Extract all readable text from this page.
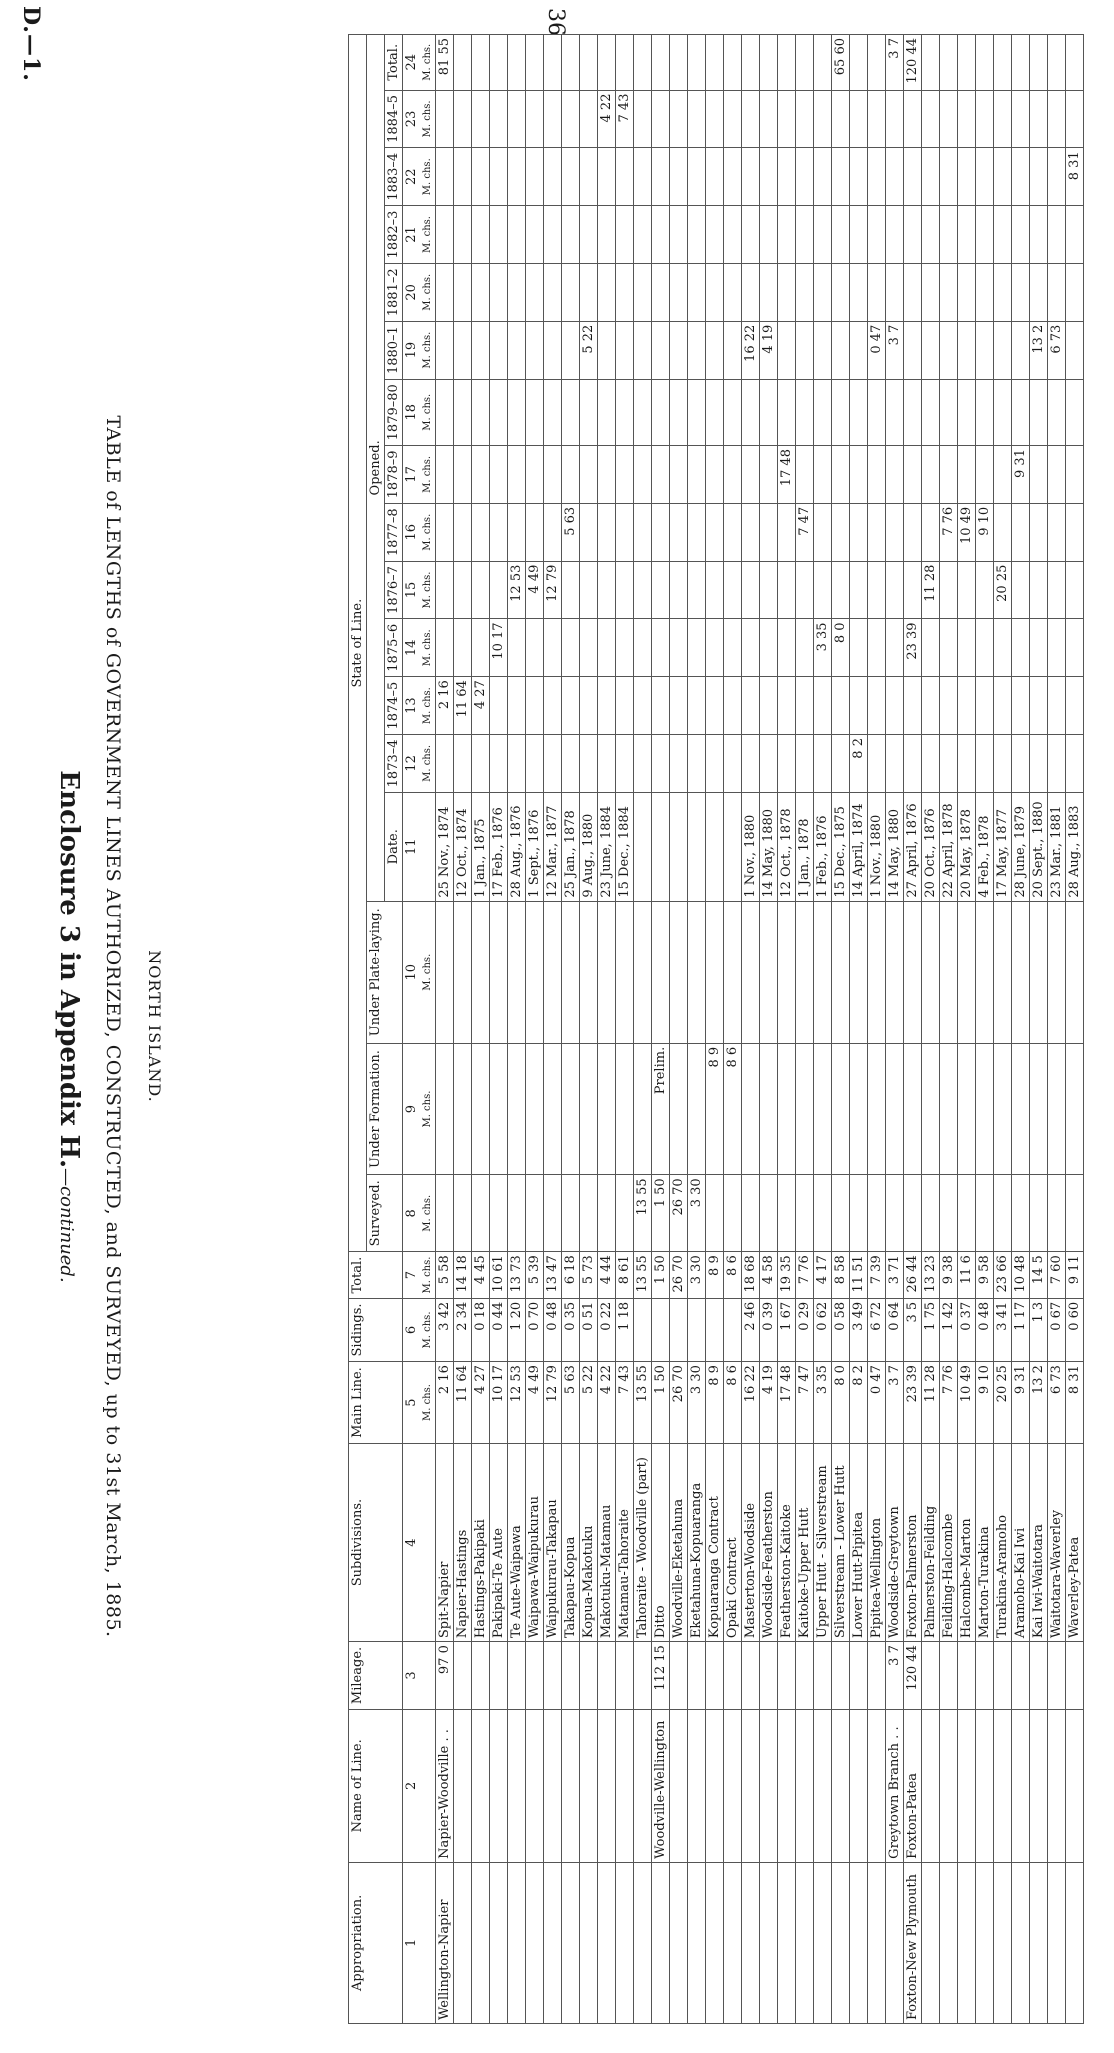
D.—1.	36
Enclosure 3 in Appendix H.—continued.	TABLE of LENGTHS of GOVERNMENT LINES AUTHORIZED, CONSTRUCTED, and SURVEYED, up to 31st March, 1885. NORTH ISLAND.
Appropriation.	Name of Line.	Mileage.	Subdivisions.	Main Line.	Sidings.	Total.	State of Line.																
							Surveyed.	Under Formation.	Under Plate-laying.	Opened.													
										Date.	1873–4	1874–5	1875–6	1876–7	1877–8	1878–9	1879–80	1880–1	1881–2	1882–3	1883–4	1884–5	Total.
1	2	3	4	5 M. chs.	6 M. chs.	7 M. chs.	8 M. chs.	9 M. chs.	10 M. chs.	11	12 M. chs.	13 M. chs.	14 M. chs.	15 M. chs.	16 M. chs.	17 M. chs.	18 M. chs.	19 M. chs.	20 M. chs.	21 M. chs.	22 M. chs.	23 M. chs.	24 M. chs.
Wellington-Napier	Napier-Woodville . .	97 0	Spit-Napier	2 16	3 42	5 58				25 Nov., 1874		2 16											81 55
			Napier-Hastings	11 64	2 34	14 18				12 Oct., 1874		11 64											
			Hastings-Pakipaki	4 27	0 18	4 45				1 Jan., 1875		4 27											
			Pakipaki-Te Aute	10 17	0 44	10 61				17 Feb., 1876			10 17										
			Te Aute-Waipawa	12 53	1 20	13 73				28 Aug., 1876				12 53									
			Waipawa-Waipukurau	4 49	0 70	5 39				1 Sept., 1876				4 49									
			Waipukurau-Takapau	12 79	0 48	13 47				12 Mar., 1877				12 79									
			Takapau-Kopua	5 63	0 35	6 18				25 Jan., 1878					5 63								
			Kopua-Makotuku	5 22	0 51	5 73				9 Aug., 1880								5 22					
			Makotuku-Matamau	4 22	0 22	4 44				23 June, 1884												4 22	
			Matamau-Tahoraite	7 43	1 18	8 61				15 Dec., 1884												7 43	
			Tahoraite - Woodville (part)	13 55		13 55	13 55																
	Woodville-Wellington	112 15	Ditto	1 50		1 50	1 50	Prelim.															
			Woodville-Eketahuna	26 70		26 70	26 70																
			Eketahuna-Kopuaranga	3 30		3 30	3 30																
			Kopuaranga Contract	8 9		8 9		8 9															
			Opaki Contract	8 6		8 6		8 6															
			Masterton-Woodside	16 22	2 46	18 68				1 Nov., 1880								16 22					
			Woodside-Featherston	4 19	0 39	4 58				14 May, 1880								4 19					
			Featherston-Kaitoke	17 48	1 67	19 35				12 Oct., 1878						17 48							
			Kaitoke-Upper Hutt	7 47	0 29	7 76				1 Jan., 1878					7 47								
			Upper Hutt - Silverstream	3 35	0 62	4 17				1 Feb., 1876			3 35										
			Silverstream - Lower Hutt	8 0	0 58	8 58				15 Dec., 1875			8 0										65 60
			Lower Hutt-Pipitea	8 2	3 49	11 51				14 April, 1874	8 2												
			Pipitea-Wellington	0 47	6 72	7 39				1 Nov., 1880								0 47					
	Greytown Branch . .	3 7	Woodside-Greytown	3 7	0 64	3 71				14 May, 1880								3 7					3 7
Foxton-New Plymouth	Foxton-Patea	120 44	Foxton-Palmerston	23 39	3 5	26 44				27 April, 1876			23 39										120 44
			Palmerston-Feilding	11 28	1 75	13 23				20 Oct., 1876				11 28									
			Feilding-Halcombe	7 76	1 42	9 38				22 April, 1878					7 76								
			Halcombe-Marton	10 49	0 37	11 6				20 May, 1878					10 49								
			Marton-Turakina	9 10	0 48	9 58				4 Feb., 1878					9 10								
			Turakina-Aramoho	20 25	3 41	23 66				17 May, 1877				20 25									
			Aramoho-Kai Iwi	9 31	1 17	10 48				28 June, 1879						9 31							
			Kai Iwi-Waitotara	13 2	1 3	14 5				20 Sept., 1880								13 2					
			Waitotara-Waverley	6 73	0 67	7 60				23 Mar., 1881								6 73					
			Waverley-Patea	8 31	0 60	9 11				28 Aug., 1883											8 31		
